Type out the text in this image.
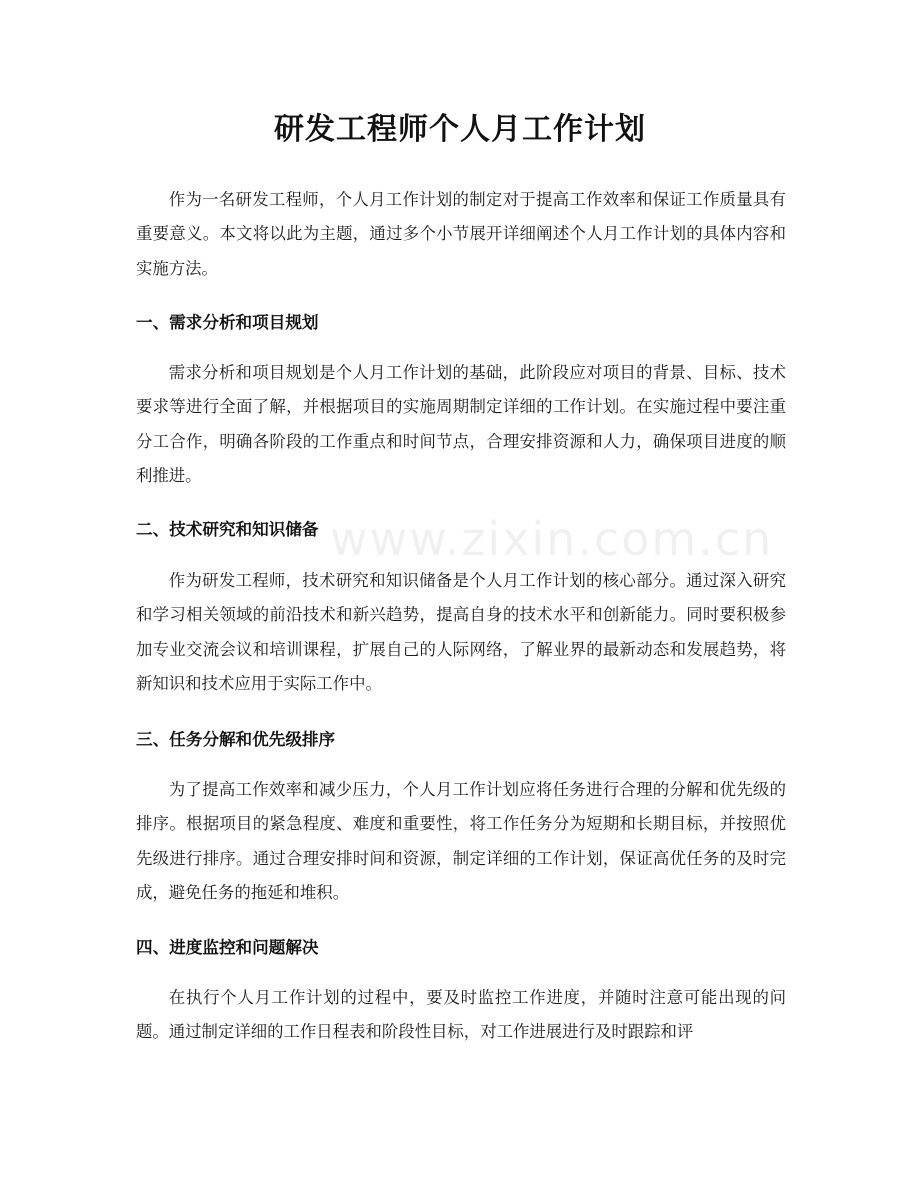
研发工程师个人月工作计划

作为一名研发工程师，个人月工作计划的制定对于提高工作效率和保证工作质量具有重要意义。本文将以此为主题，通过多个小节展开详细阐述个人月工作计划的具体内容和实施方法。

一、需求分析和项目规划

需求分析和项目规划是个人月工作计划的基础，此阶段应对项目的背景、目标、技术要求等进行全面了解，并根据项目的实施周期制定详细的工作计划。在实施过程中要注重分工合作，明确各阶段的工作重点和时间节点，合理安排资源和人力，确保项目进度的顺利推进。

二、技术研究和知识储备

作为研发工程师，技术研究和知识储备是个人月工作计划的核心部分。通过深入研究和学习相关领域的前沿技术和新兴趋势，提高自身的技术水平和创新能力。同时要积极参加专业交流会议和培训课程，扩展自己的人际网络，了解业界的最新动态和发展趋势，将新知识和技术应用于实际工作中。

三、任务分解和优先级排序

为了提高工作效率和减少压力，个人月工作计划应将任务进行合理的分解和优先级的排序。根据项目的紧急程度、难度和重要性，将工作任务分为短期和长期目标，并按照优先级进行排序。通过合理安排时间和资源，制定详细的工作计划，保证高优任务的及时完成，避免任务的拖延和堆积。

四、进度监控和问题解决

在执行个人月工作计划的过程中，要及时监控工作进度，并随时注意可能出现的问题。通过制定详细的工作日程表和阶段性目标，对工作进展进行及时跟踪和评

www.zixin.com.cn
